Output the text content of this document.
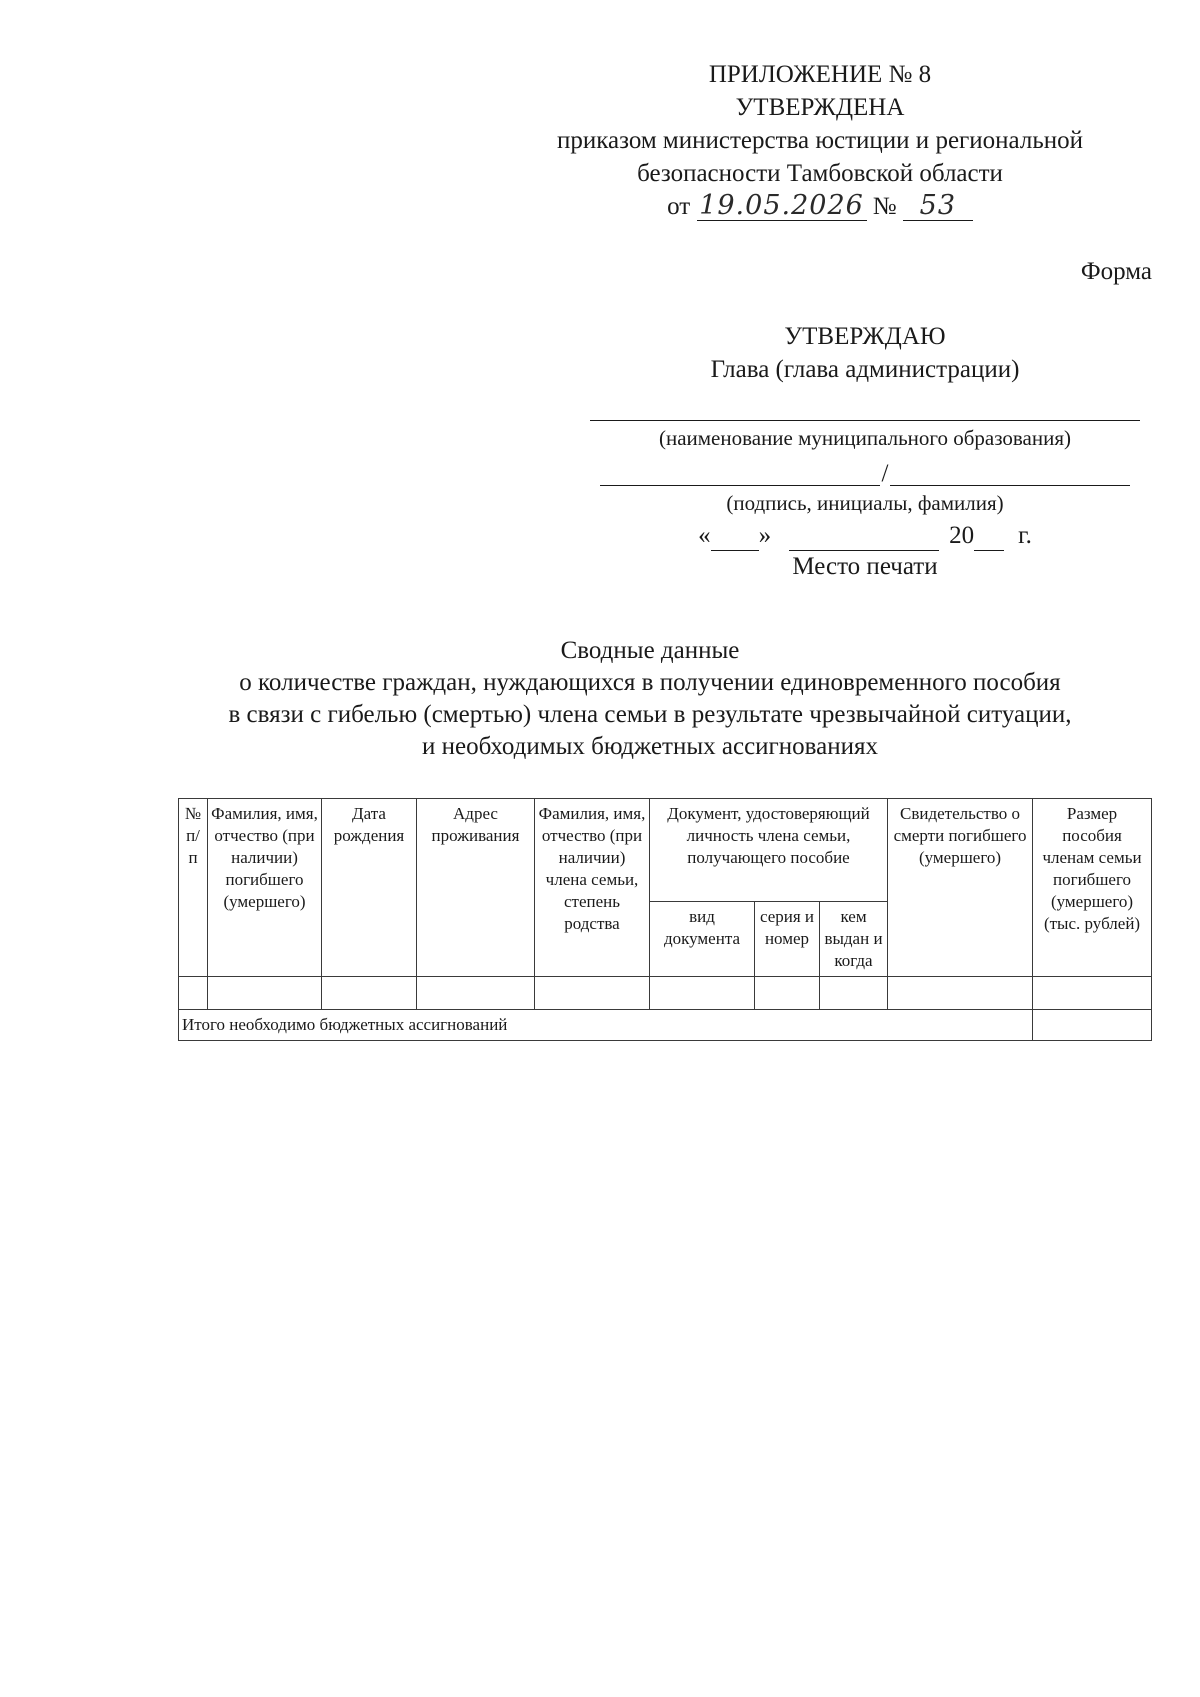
ПРИЛОЖЕНИЕ № 8
УТВЕРЖДЕНА
приказом министерства юстиции и региональной
безопасности Тамбовской области
от 19.05.2026 № 53
Форма
УТВЕРЖДАЮ
Глава (глава администрации)
(наименование муниципального образования)
/
(подпись, инициалы, фамилия)
« »	20 г.
Место печати
Сводные данные
о количестве граждан, нуждающихся в получении единовременного пособия
в связи с гибелью (смертью) члена семьи в результате чрезвычайной ситуации,
и необходимых бюджетных ассигнованиях
№ п/п	Фамилия, имя, отчество (при наличии) погибшего (умершего)	Дата рождения	Адрес проживания	Фамилия, имя, отчество (при наличии) члена семьи, степень родства	Документ, удостоверяющий личность члена семьи, получающего пособие			Свидетельство о смерти погибшего (умершего)	Размер пособия членам семьи погибшего (умершего) (тыс. рублей)
					вид документа	серия и номер	кем выдан и когда		

Итого необходимо бюджетных ассигнований									
